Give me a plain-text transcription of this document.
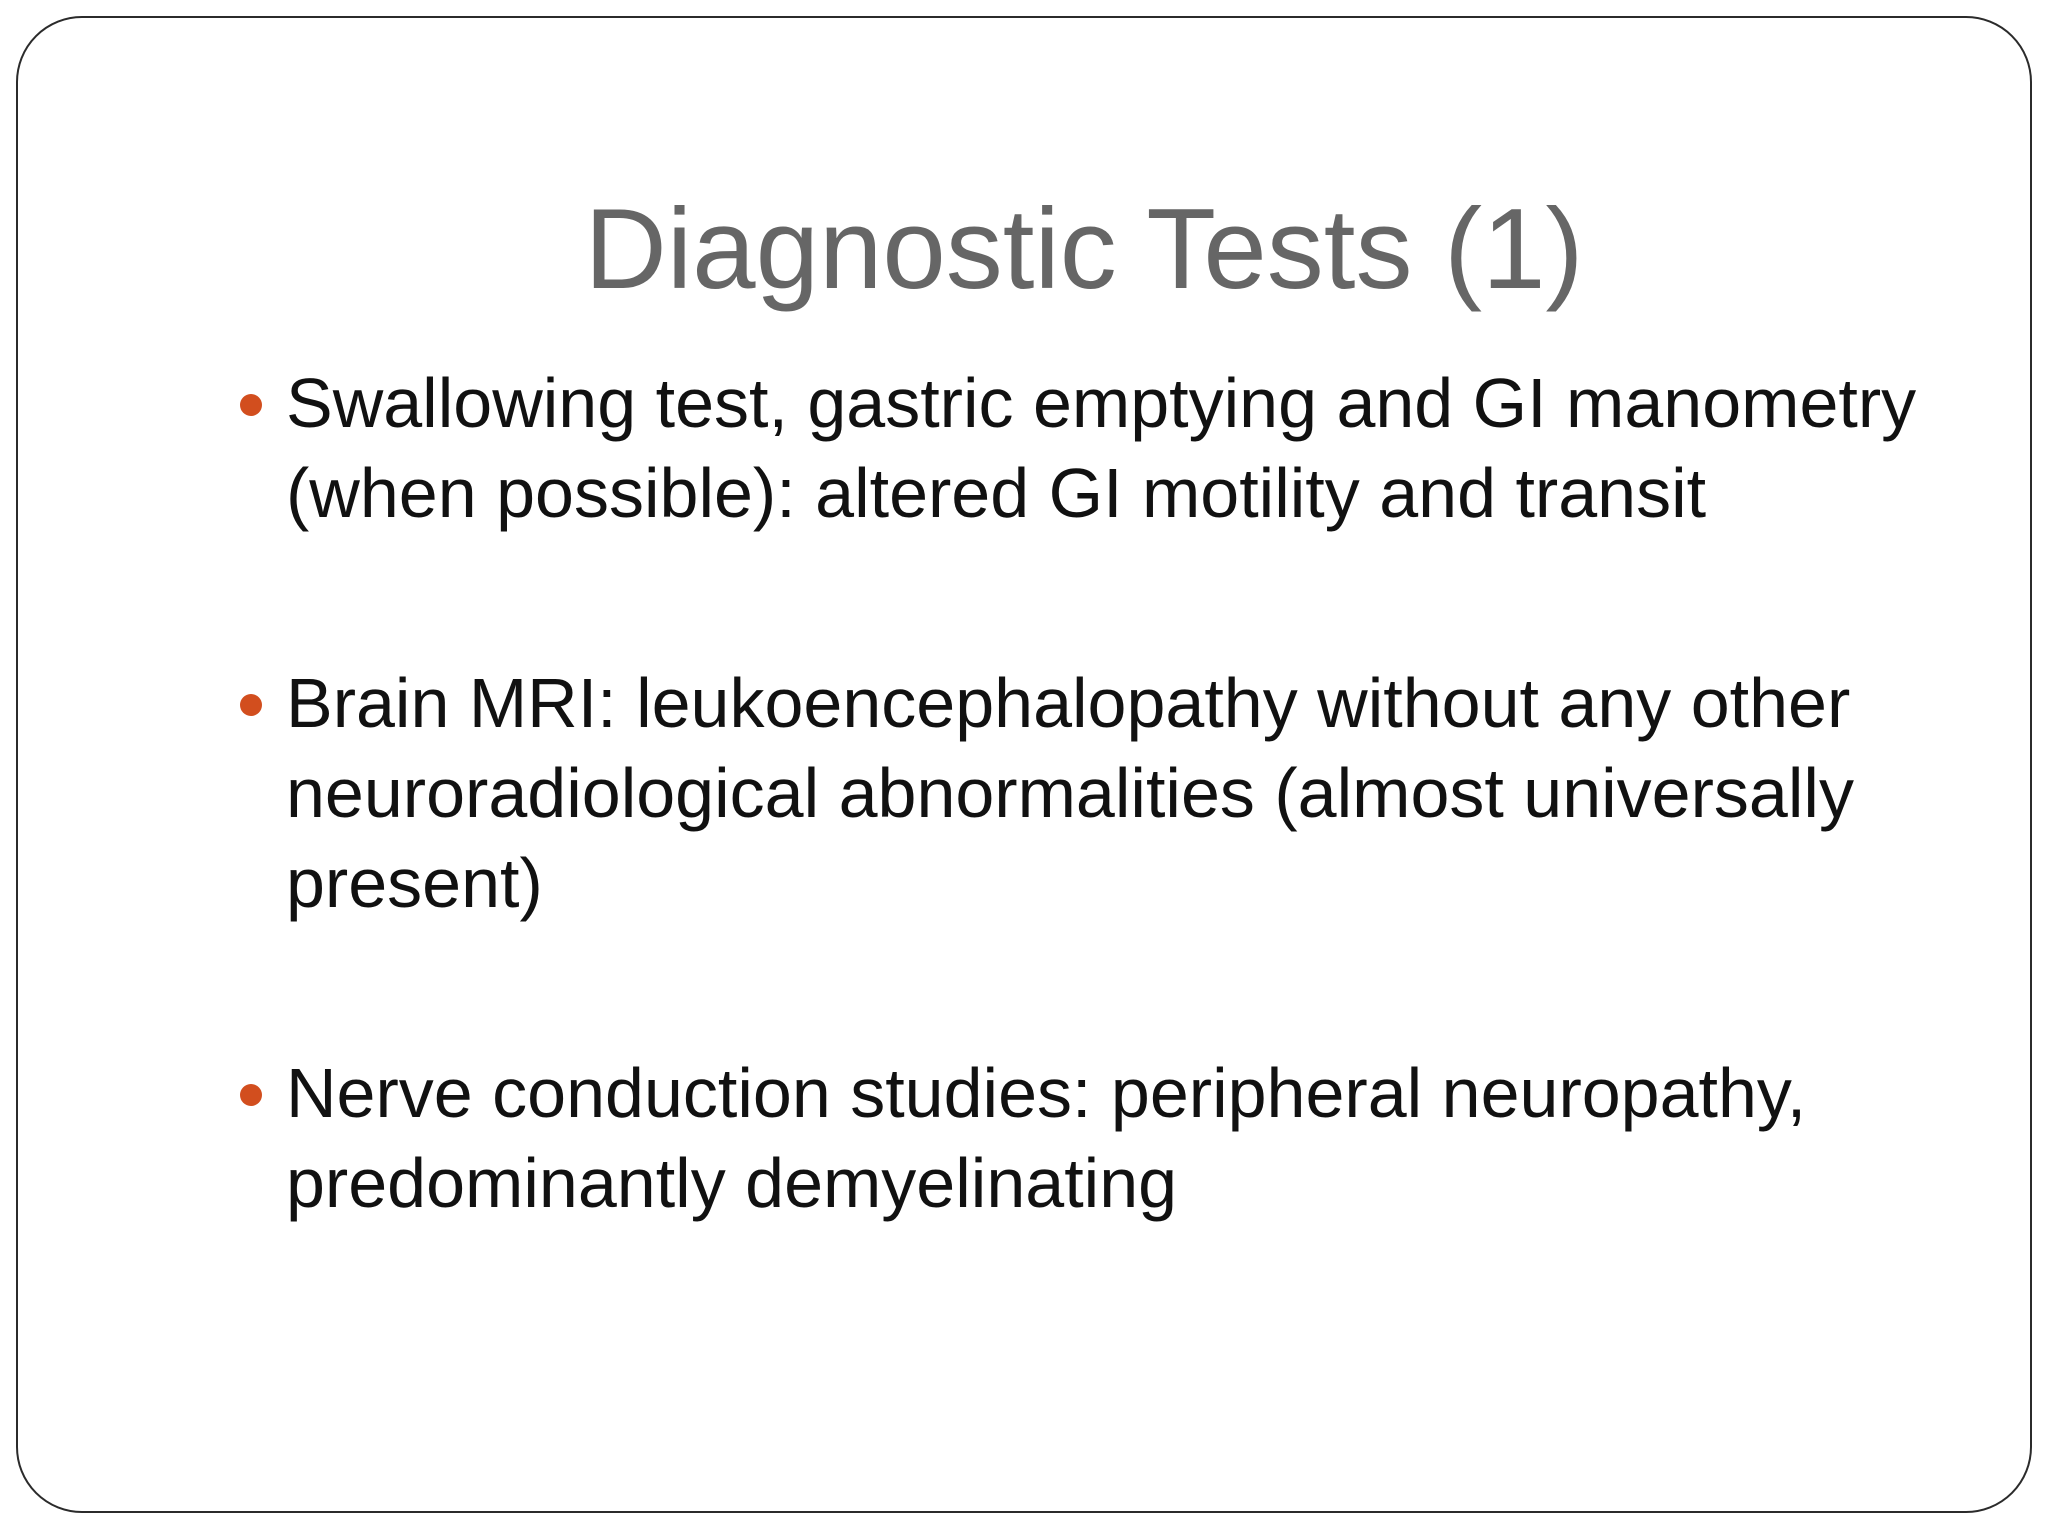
Diagnostic Tests (1)
Swallowing test, gastric emptying and GI manometry (when possible): altered GI motility and transit
Brain MRI: leukoencephalopathy without any other neuroradiological abnormalities (almost universally present)
Nerve conduction studies: peripheral neuropathy, predominantly demyelinating
